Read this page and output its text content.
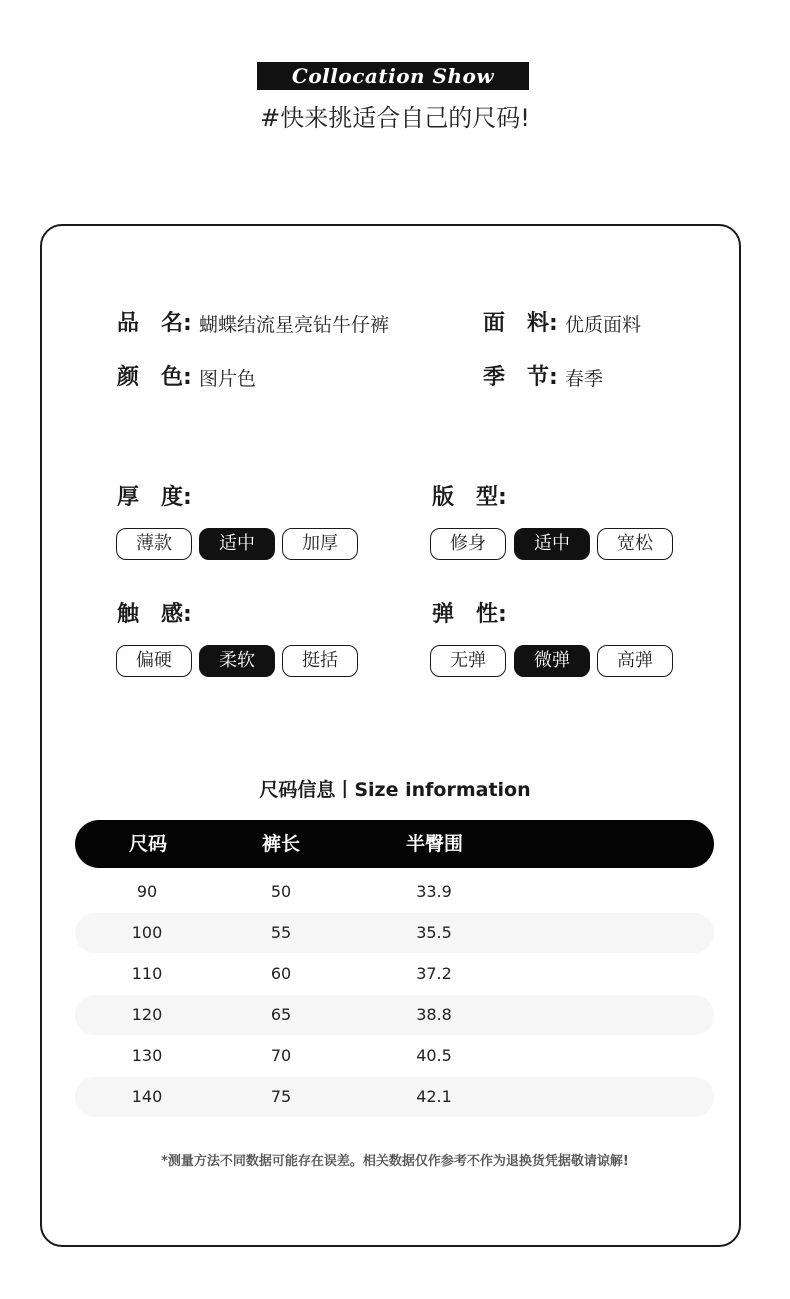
Collocation Show
#快来挑适合自己的尺码!
品　名: 蝴蝶结流星亮钻牛仔裤	面　料: 优质面料
颜　色: 图片色	季　节: 春季
厚　度:
薄款	适中	加厚
版　型:
修身	适中	宽松
触　感:
偏硬	柔软	挺括
弹　性:
无弹	微弹	高弹
尺码信息丨Size information
尺码	裤长	半臀围
90	50	33.9
100	55	35.5
110	60	37.2
120	65	38.8
130	70	40.5
140	75	42.1
*测量方法不同数据可能存在误差。相关数据仅作参考不作为退换货凭据敬请谅解!
